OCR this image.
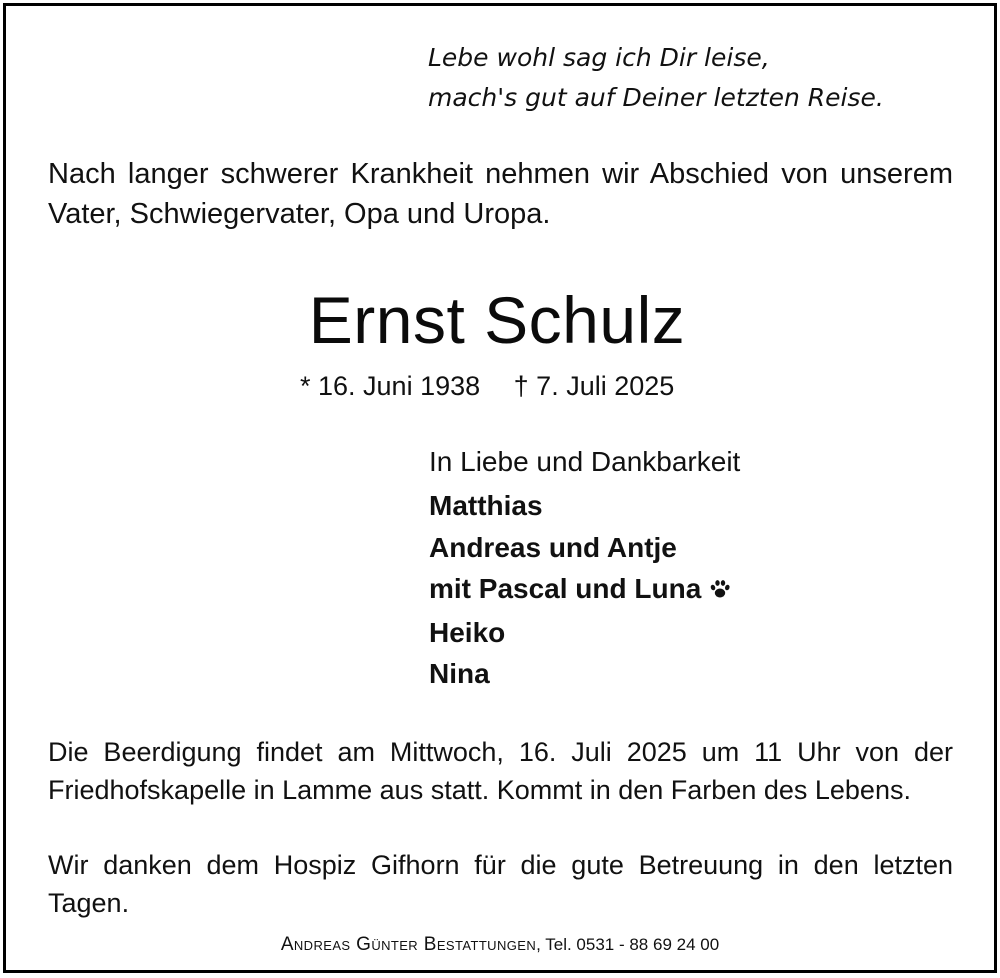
Lebe wohl sag ich Dir leise,
mach's gut auf Deiner letzten Reise.
Nach langer schwerer Krankheit nehmen wir Abschied von unserem Vater, Schwiegervater, Opa und Uropa.
Ernst Schulz
* 16. Juni 1938 † 7. Juli 2025
In Liebe und Dankbarkeit
Matthias
Andreas und Antje
mit Pascal und Luna
Heiko
Nina
Die Beerdigung findet am Mittwoch, 16. Juli 2025 um 11 Uhr von der Friedhofskapelle in Lamme aus statt. Kommt in den Farben des Lebens.
Wir danken dem Hospiz Gifhorn für die gute Betreuung in den letzten Tagen.
Andreas Günter Bestattungen, Tel. 0531 - 88 69 24 00
